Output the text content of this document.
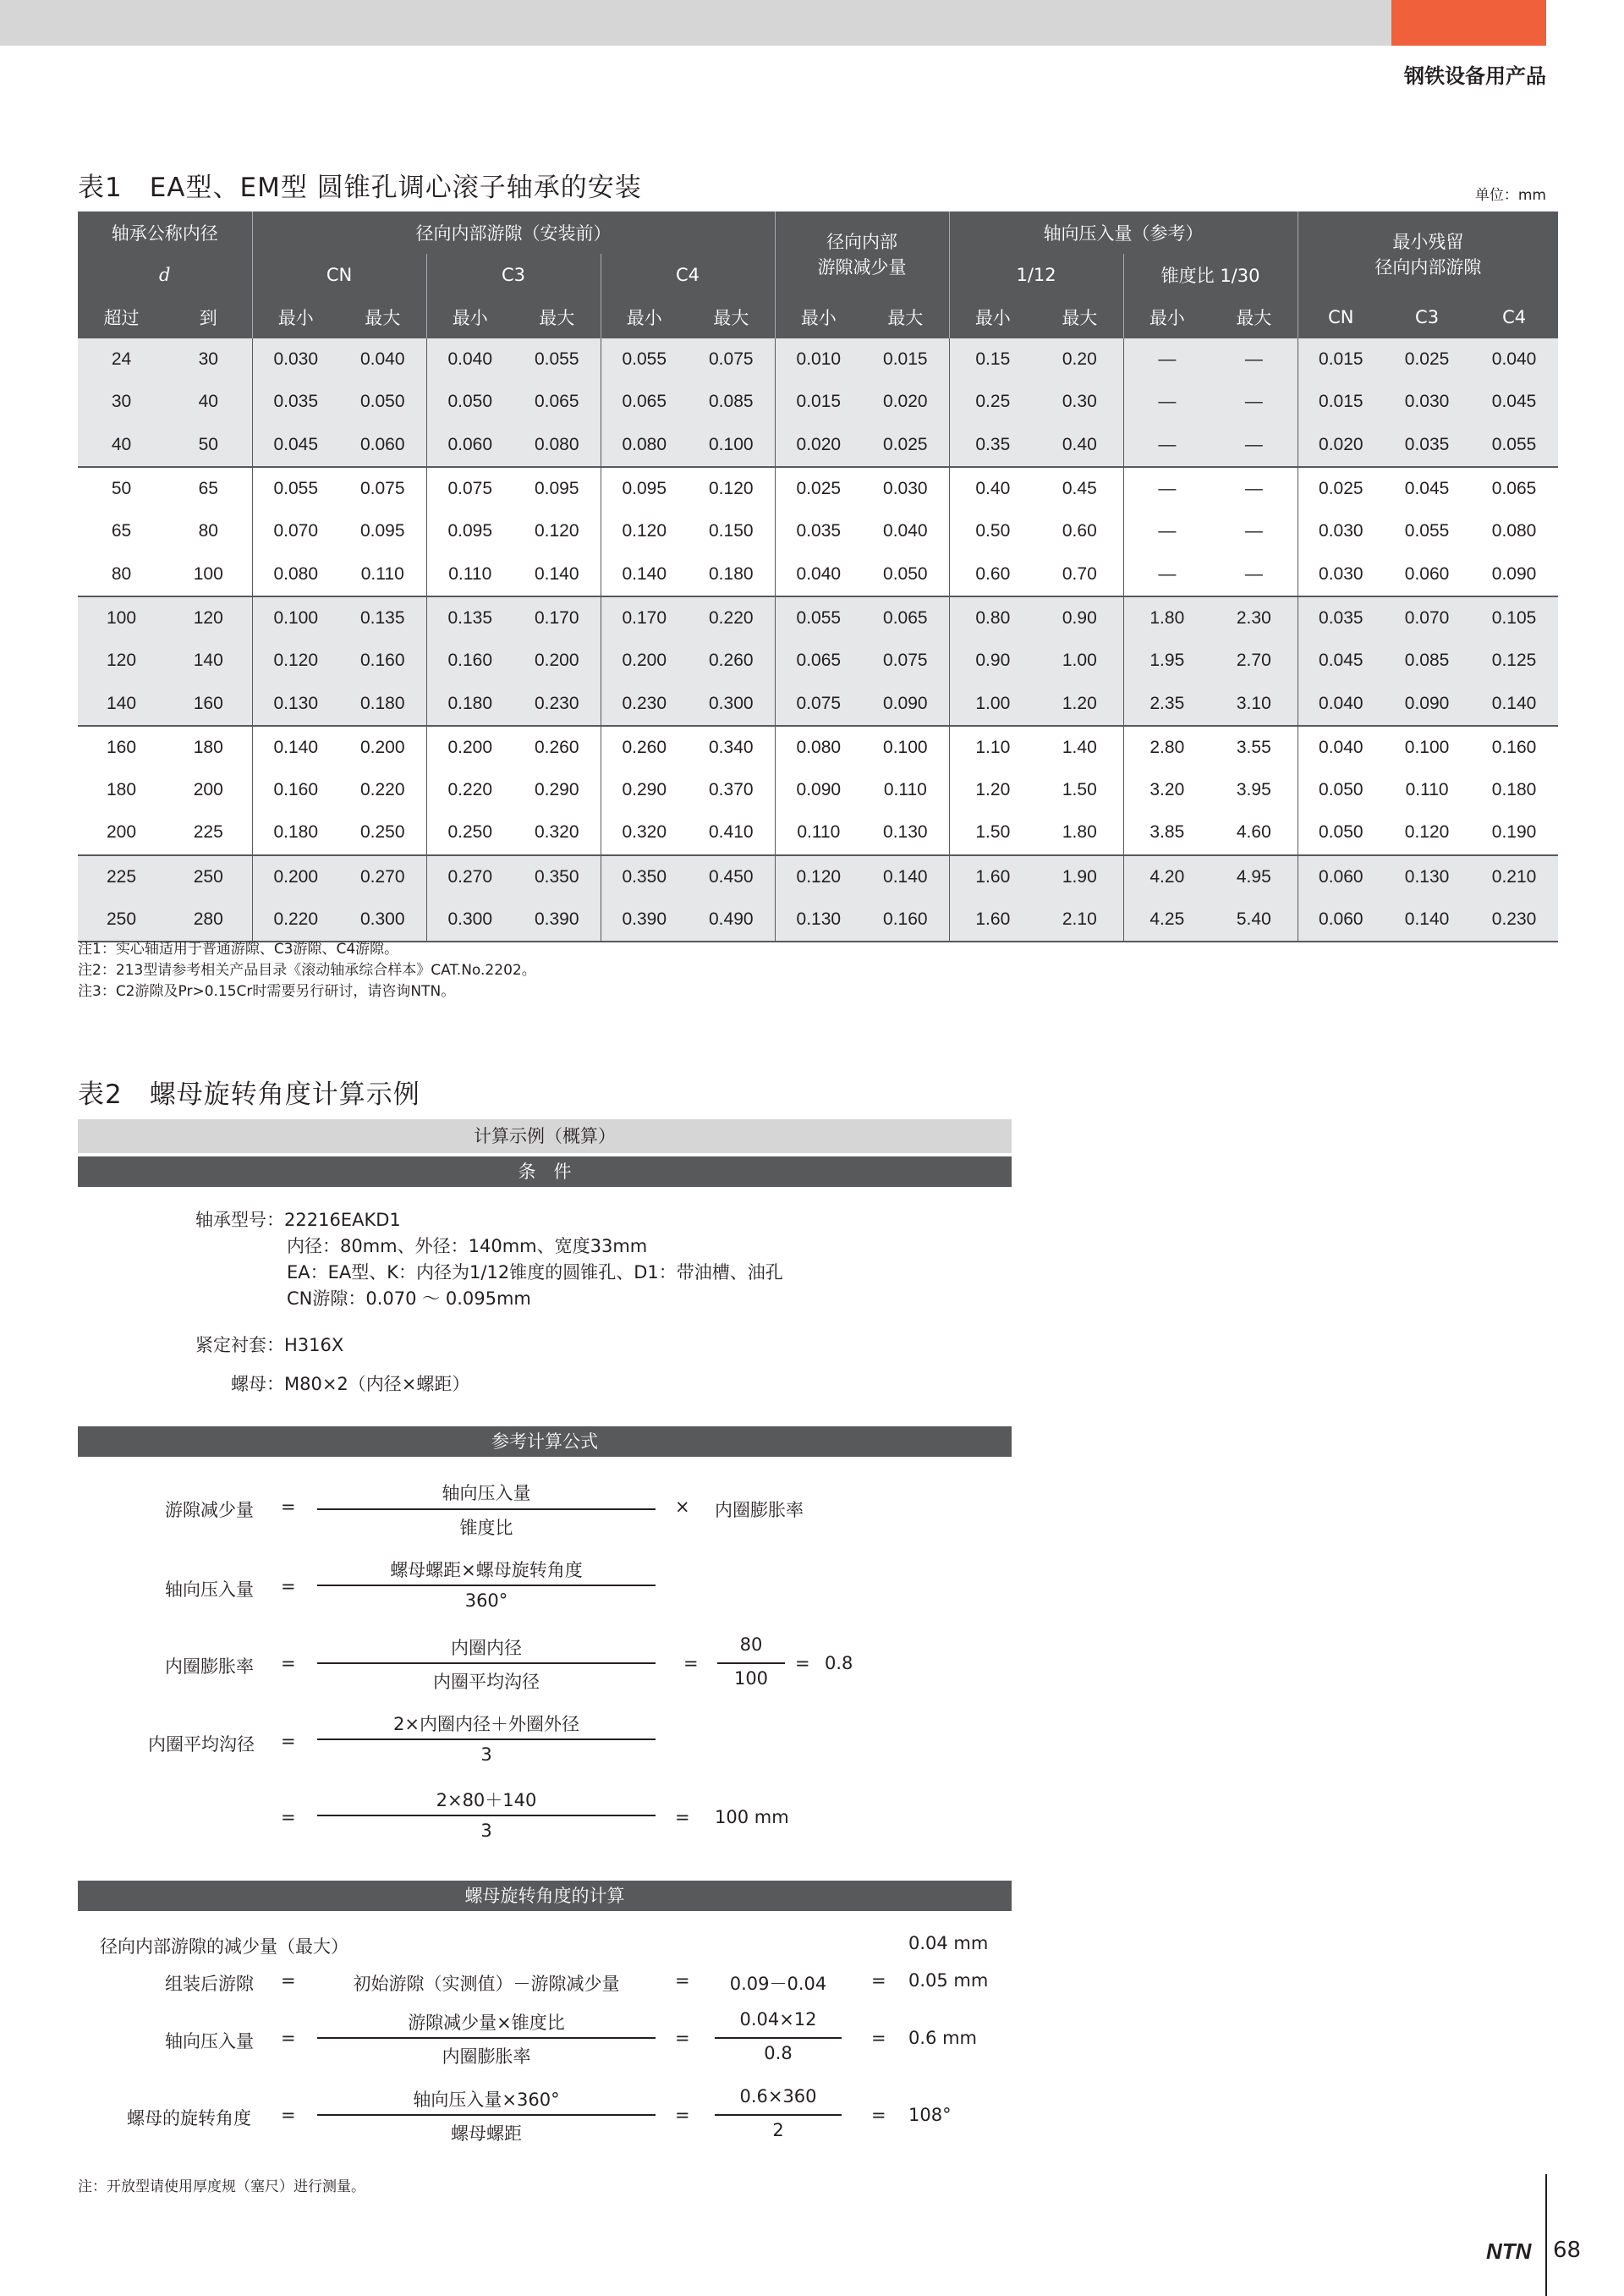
钢铁设备用产品
表1　EA型、EM型 圆锥孔调心滚子轴承的安装	单位：mm
轴承公称内径		径向内部游隙（安装前）						径向内部
游隙减少量		轴向压入量（参考）				最小残留
径向内部游隙		
d		CN		C3		C4				1/12		锥度比 1/30				
超过	到	最小	最大	最小	最大	最小	最大	最小	最大	最小	最大	最小	最大	CN	C3	C4
24	30	0.030	0.040	0.040	0.055	0.055	0.075	0.010	0.015	0.15	0.20	—	—	0.015	0.025	0.040
30	40	0.035	0.050	0.050	0.065	0.065	0.085	0.015	0.020	0.25	0.30	—	—	0.015	0.030	0.045
40	50	0.045	0.060	0.060	0.080	0.080	0.100	0.020	0.025	0.35	0.40	—	—	0.020	0.035	0.055
50	65	0.055	0.075	0.075	0.095	0.095	0.120	0.025	0.030	0.40	0.45	—	—	0.025	0.045	0.065
65	80	0.070	0.095	0.095	0.120	0.120	0.150	0.035	0.040	0.50	0.60	—	—	0.030	0.055	0.080
80	100	0.080	0.110	0.110	0.140	0.140	0.180	0.040	0.050	0.60	0.70	—	—	0.030	0.060	0.090
100	120	0.100	0.135	0.135	0.170	0.170	0.220	0.055	0.065	0.80	0.90	1.80	2.30	0.035	0.070	0.105
120	140	0.120	0.160	0.160	0.200	0.200	0.260	0.065	0.075	0.90	1.00	1.95	2.70	0.045	0.085	0.125
140	160	0.130	0.180	0.180	0.230	0.230	0.300	0.075	0.090	1.00	1.20	2.35	3.10	0.040	0.090	0.140
160	180	0.140	0.200	0.200	0.260	0.260	0.340	0.080	0.100	1.10	1.40	2.80	3.55	0.040	0.100	0.160
180	200	0.160	0.220	0.220	0.290	0.290	0.370	0.090	0.110	1.20	1.50	3.20	3.95	0.050	0.110	0.180
200	225	0.180	0.250	0.250	0.320	0.320	0.410	0.110	0.130	1.50	1.80	3.85	4.60	0.050	0.120	0.190
225	250	0.200	0.270	0.270	0.350	0.350	0.450	0.120	0.140	1.60	1.90	4.20	4.95	0.060	0.130	0.210
250	280	0.220	0.300	0.300	0.390	0.390	0.490	0.130	0.160	1.60	2.10	4.25	5.40	0.060	0.140	0.230
注1：实心轴适用于普通游隙、C3游隙、C4游隙。
注2：213型请参考相关产品目录《滚动轴承综合样本》CAT.No.2202。
注3：C2游隙及Pr>0.15Cr时需要另行研讨，请咨询NTN。
表2　螺母旋转角度计算示例
计算示例（概算）
条　件
轴承型号：22216EAKD1
内径：80mm、外径：140mm、宽度33mm
EA：EA型、K：内径为1/12锥度的圆锥孔、D1：带油槽、油孔
CN游隙：0.070 ～ 0.095mm
紧定衬套：H316X
螺母：M80×2（内径×螺距）
参考计算公式
游隙减少量 =
轴向压入量
锥度比
× 内圈膨胀率
轴向压入量 =
螺母螺距×螺母旋转角度
360°
内圈膨胀率 =
内圈内径
内圈平均沟径
=
80
100
= 0.8
内圈平均沟径 =
2×内圈内径＋外圈外径
3
=
2×80＋140
3
= 100 mm
螺母旋转角度的计算
径向内部游隙的减少量（最大）	0.04 mm
组装后游隙 =	初始游隙（实测值）－游隙减少量	=	0.09－0.04	= 0.05 mm
轴向压入量 =
游隙减少量×锥度比
内圈膨胀率
=
0.04×12
0.8
= 0.6 mm
螺母的旋转角度 =
轴向压入量×360°
螺母螺距
=
0.6×360
2
= 108°
注：开放型请使用厚度规（塞尺）进行测量。
NTN 68
